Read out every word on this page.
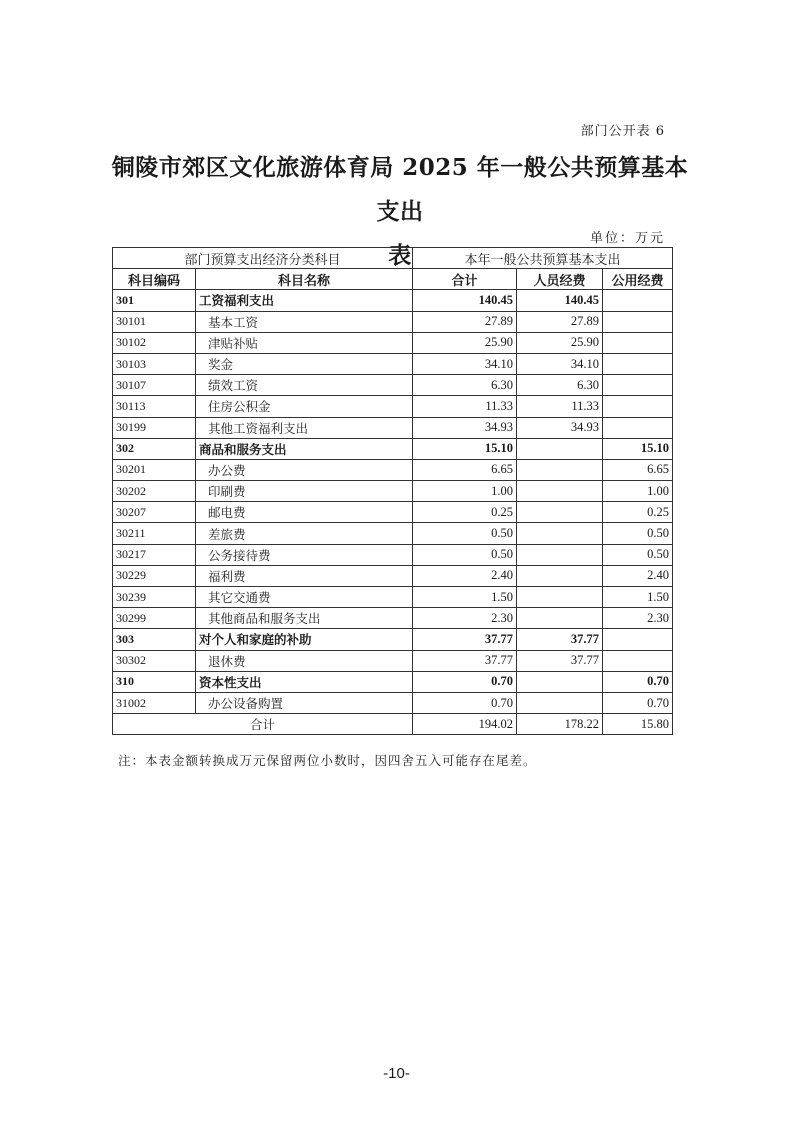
部门公开表 6
铜陵市郊区文化旅游体育局 2025 年一般公共预算基本支出
表
单位：万元
部门预算支出经济分类科目		本年一般公共预算基本支出		
科目编码	科目名称	合计	人员经费	公用经费
301	工资福利支出	140.45	140.45	
30101	基本工资	27.89	27.89	
30102	津贴补贴	25.90	25.90	
30103	奖金	34.10	34.10	
30107	绩效工资	6.30	6.30	
30113	住房公积金	11.33	11.33	
30199	其他工资福利支出	34.93	34.93	
302	商品和服务支出	15.10		15.10
30201	办公费	6.65		6.65
30202	印刷费	1.00		1.00
30207	邮电费	0.25		0.25
30211	差旅费	0.50		0.50
30217	公务接待费	0.50		0.50
30229	福利费	2.40		2.40
30239	其它交通费	1.50		1.50
30299	其他商品和服务支出	2.30		2.30
303	对个人和家庭的补助	37.77	37.77	
30302	退休费	37.77	37.77	
310	资本性支出	0.70		0.70
31002	办公设备购置	0.70		0.70
合计		194.02	178.22	15.80
注：本表金额转换成万元保留两位小数时，因四舍五入可能存在尾差。
-10-
